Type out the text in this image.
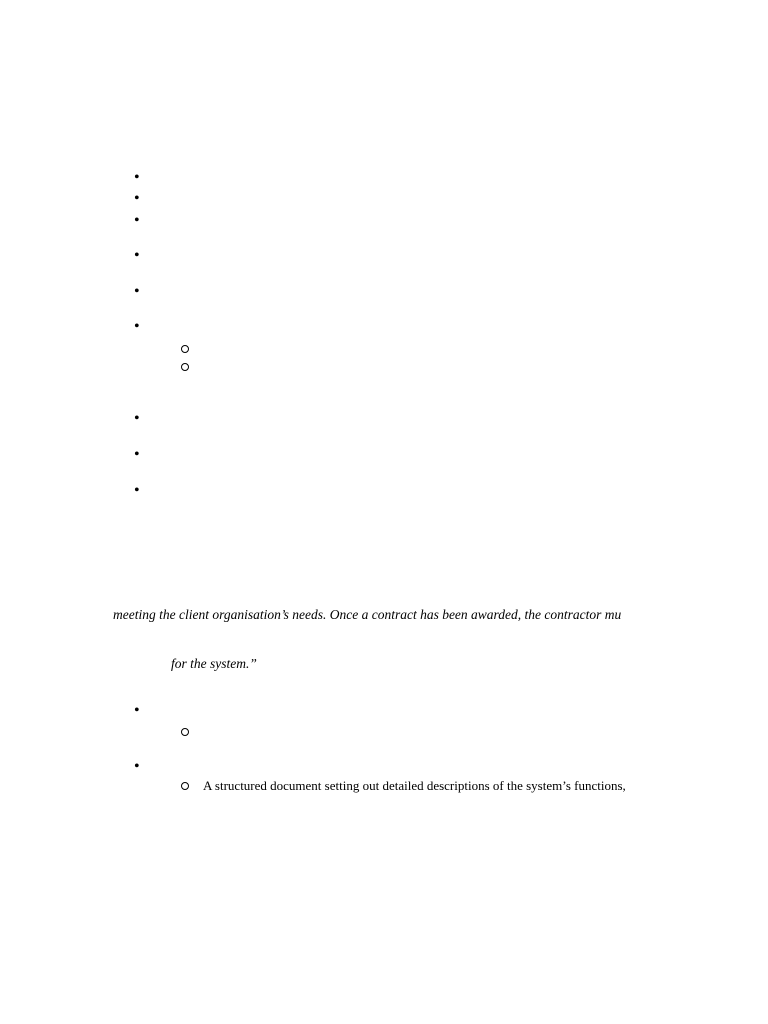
•
•
•
•
•
•
•
•
•
meeting the client organisation’s needs. Once a contract has been awarded, the contractor mu
for the system.”
•
•
A structured document setting out detailed descriptions of the system’s functions,
